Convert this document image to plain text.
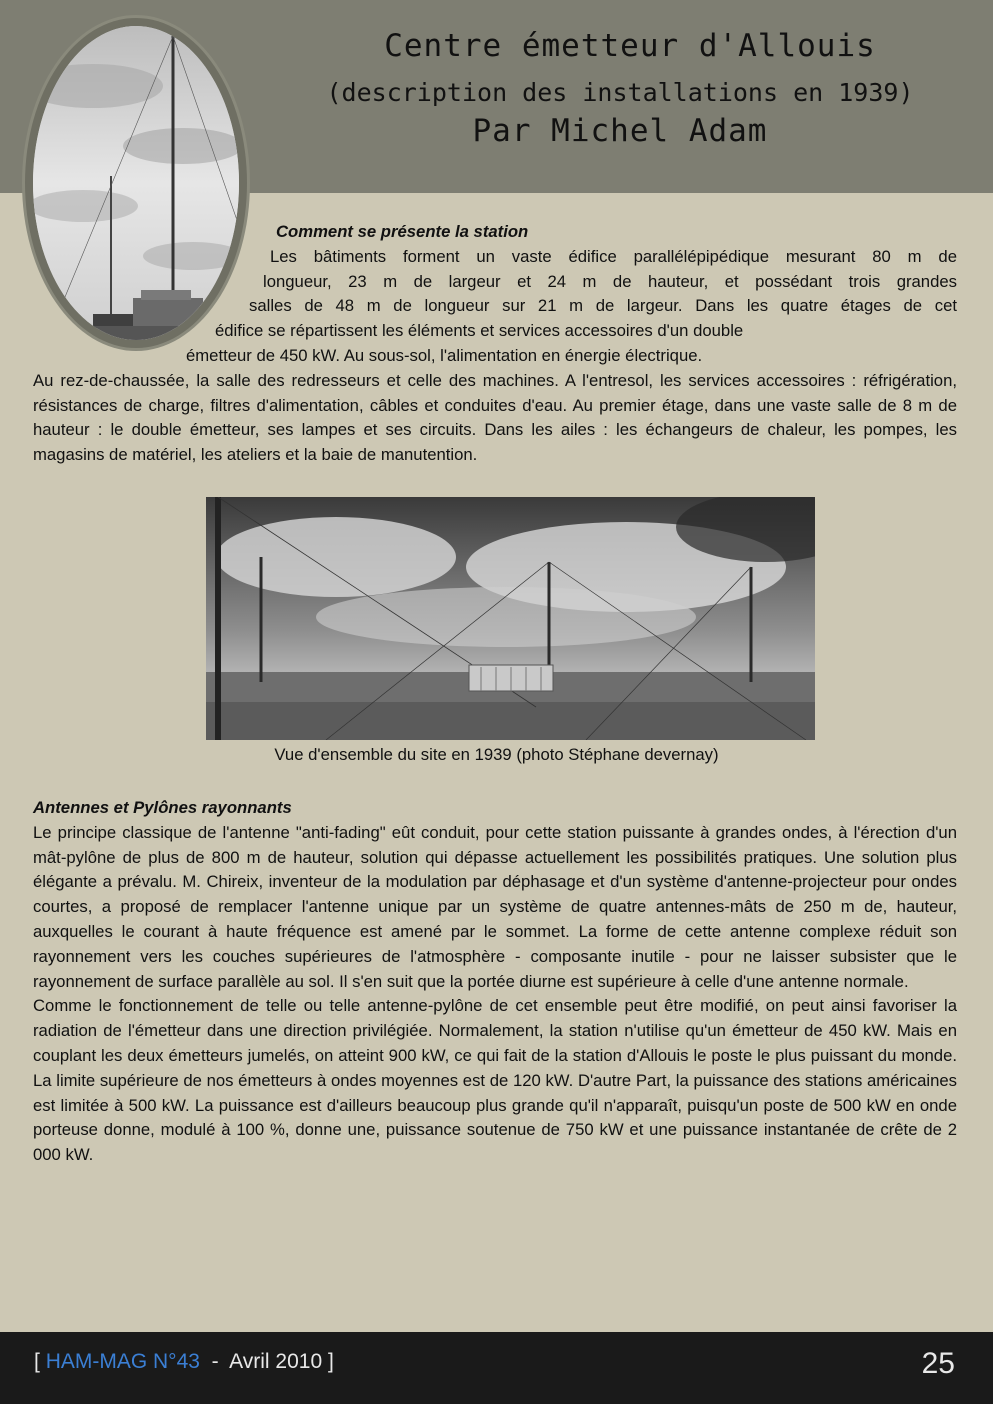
Centre émetteur d'Allouis
(description des installations en 1939)
Par Michel Adam
Comment se présente la station
Les bâtiments forment un vaste édifice parallélépipédique mesurant 80 m de
longueur, 23 m de largeur et 24 m de hauteur, et possédant trois grandes
salles de 48 m de longueur sur 21 m de largeur. Dans les quatre étages de cet
édifice se répartissent les éléments et services accessoires d'un double
émetteur de 450 kW. Au sous-sol, l'alimentation en énergie électrique.
Au rez-de-chaussée, la salle des redresseurs et celle des machines. A l'entresol, les services accessoires : réfrigération, résistances de charge, filtres d'alimentation, câbles et conduites d'eau. Au premier étage, dans une vaste salle de 8 m de hauteur : le double émetteur, ses lampes et ses circuits. Dans les ailes : les échangeurs de chaleur, les pompes, les magasins de matériel, les ateliers et la baie de manutention.
Vue d'ensemble du site en 1939 (photo Stéphane devernay)
Antennes et Pylônes rayonnants
Le principe classique de l'antenne "anti-fading" eût conduit, pour cette station puissante à grandes ondes, à l'érection d'un mât-pylône de plus de 800 m de hauteur, solution qui dépasse actuellement les possibilités pratiques. Une solution plus élégante a prévalu. M. Chireix, inventeur de la modulation par déphasage et d'un système d'antenne-projecteur pour ondes courtes, a proposé de remplacer l'antenne unique par un système de quatre antennes-mâts de 250 m de, hauteur, auxquelles le courant à haute fréquence est amené par le sommet. La forme de cette antenne complexe réduit son rayonnement vers les couches supérieures de l'atmosphère - composante inutile - pour ne laisser subsister que le rayonnement de surface parallèle au sol. Il s'en suit que la portée diurne est supérieure à celle d'une antenne normale.
Comme le fonctionnement de telle ou telle antenne-pylône de cet ensemble peut être modifié, on peut ainsi favoriser la radiation de l'émetteur dans une direction privilégiée. Normalement, la station n'utilise qu'un émetteur de 450 kW. Mais en couplant les deux émetteurs jumelés, on atteint 900 kW, ce qui fait de la station d'Allouis le poste le plus puissant du monde. La limite supérieure de nos émetteurs à ondes moyennes est de 120 kW. D'autre Part, la puissance des stations américaines est limitée à 500 kW. La puissance est d'ailleurs beaucoup plus grande qu'il n'apparaît, puisqu'un poste de 500 kW en onde porteuse donne, modulé à 100 %, donne une, puissance soutenue de 750 kW et une puissance instantanée de crête de 2 000 kW.
[ HAM-MAG N°43 - Avril 2010 ]	25
